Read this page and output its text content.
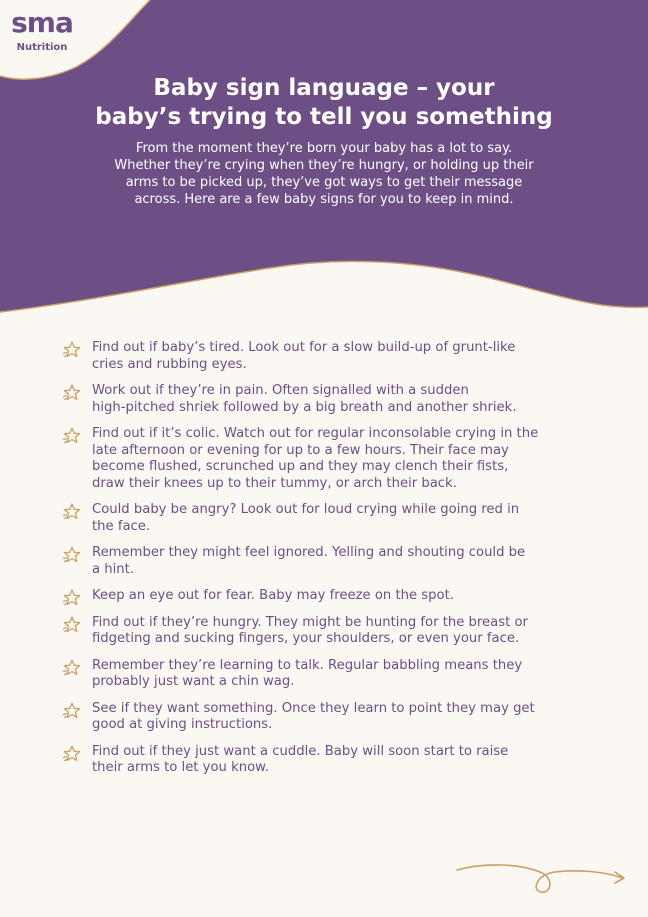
sma
Nutrition
Baby sign language – your
baby’s trying to tell you something

From the moment they’re born your baby has a lot to say.
Whether they’re crying when they’re hungry, or holding up their
arms to be picked up, they’ve got ways to get their message
across. Here are a few baby signs for you to keep in mind.

Find out if baby’s tired. Look out for a slow build-up of grunt-like
cries and rubbing eyes.
Work out if they’re in pain. Often signalled with a sudden
high-pitched shriek followed by a big breath and another shriek.
Find out if it’s colic. Watch out for regular inconsolable crying in the
late afternoon or evening for up to a few hours. Their face may
become flushed, scrunched up and they may clench their fists,
draw their knees up to their tummy, or arch their back.
Could baby be angry? Look out for loud crying while going red in
the face.
Remember they might feel ignored. Yelling and shouting could be
a hint.
Keep an eye out for fear. Baby may freeze on the spot.
Find out if they’re hungry. They might be hunting for the breast or
fidgeting and sucking fingers, your shoulders, or even your face.
Remember they’re learning to talk. Regular babbling means they
probably just want a chin wag.
See if they want something. Once they learn to point they may get
good at giving instructions.
Find out if they just want a cuddle. Baby will soon start to raise
their arms to let you know.
